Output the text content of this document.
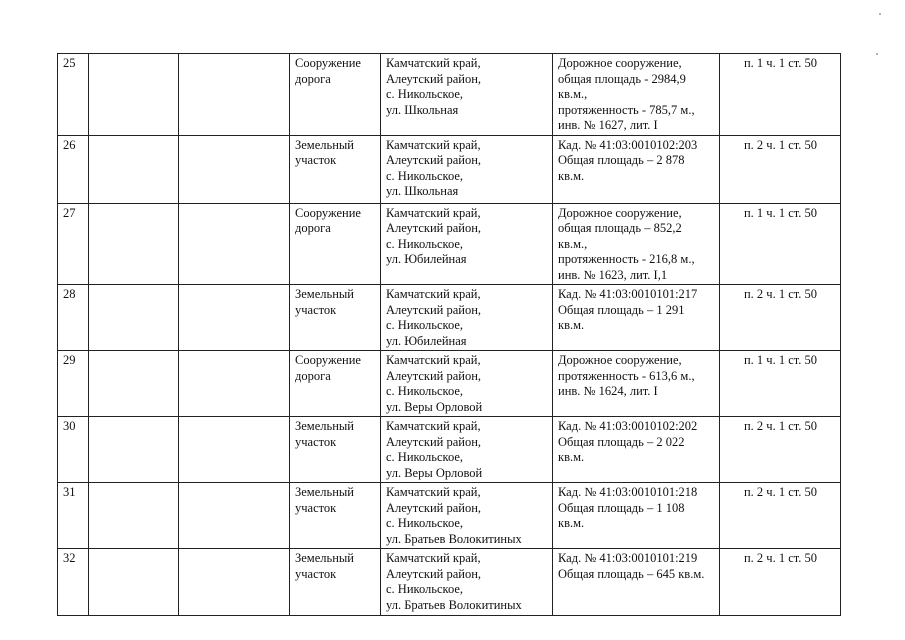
25			Сооружение
дорога	Камчатский край,
Алеутский район,
с. Никольское,
ул. Школьная	Дорожное сооружение,
общая площадь - 2984,9
кв.м.,
протяженность - 785,7 м.,
инв. № 1627, лит. I	п. 1 ч. 1 ст. 50
26			Земельный
участок	Камчатский край,
Алеутский район,
с. Никольское,
ул. Школьная	Кад. № 41:03:0010102:203
Общая площадь – 2 878
кв.м.	п. 2 ч. 1 ст. 50
27			Сооружение
дорога	Камчатский край,
Алеутский район,
с. Никольское,
ул. Юбилейная	Дорожное сооружение,
общая площадь – 852,2
кв.м.,
протяженность - 216,8 м.,
инв. № 1623, лит. I,1	п. 1 ч. 1 ст. 50
28			Земельный
участок	Камчатский край,
Алеутский район,
с. Никольское,
ул. Юбилейная	Кад. № 41:03:0010101:217
Общая площадь – 1 291
кв.м.	п. 2 ч. 1 ст. 50
29			Сооружение
дорога	Камчатский край,
Алеутский район,
с. Никольское,
ул. Веры Орловой	Дорожное сооружение,
протяженность - 613,6 м.,
инв. № 1624, лит. I	п. 1 ч. 1 ст. 50
30			Земельный
участок	Камчатский край,
Алеутский район,
с. Никольское,
ул. Веры Орловой	Кад. № 41:03:0010102:202
Общая площадь – 2 022
кв.м.	п. 2 ч. 1 ст. 50
31			Земельный
участок	Камчатский край,
Алеутский район,
с. Никольское,
ул. Братьев Волокитиных	Кад. № 41:03:0010101:218
Общая площадь – 1 108
кв.м.	п. 2 ч. 1 ст. 50
32			Земельный
участок	Камчатский край,
Алеутский район,
с. Никольское,
ул. Братьев Волокитиных	Кад. № 41:03:0010101:219
Общая площадь – 645 кв.м.	п. 2 ч. 1 ст. 50
